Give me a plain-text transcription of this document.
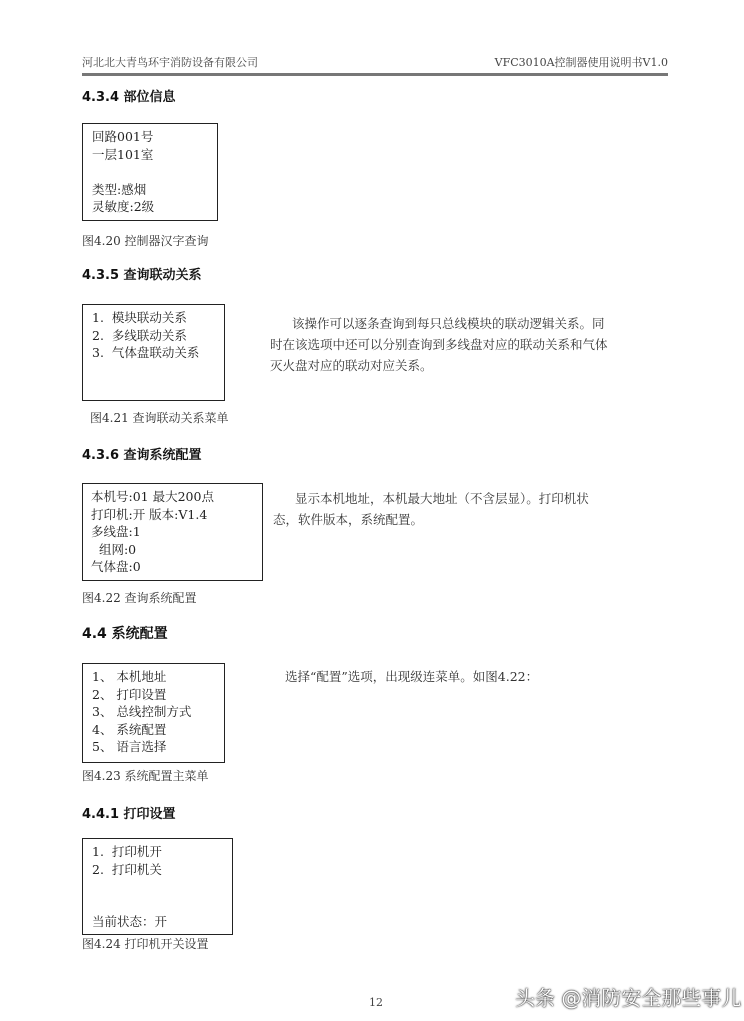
河北北大青鸟环宇消防设备有限公司	VFC3010A控制器使用说明书V1.0
4.3.4 部位信息
回路001号
一层101室

类型:感烟
灵敏度:2级
图4.20 控制器汉字查询
4.3.5 查询联动关系
1.  模块联动关系
2.  多线联动关系
3.  气体盘联动关系
该操作可以逐条查询到每只总线模块的联动逻辑关系。同
时在该选项中还可以分别查询到多线盘对应的联动关系和气体
灭火盘对应的联动对应关系。
图4.21 查询联动关系菜单
4.3.6 查询系统配置
本机号:01 最大200点
打印机:开 版本:V1.4
多线盘:1
组网:0
气体盘:0
显示本机地址，本机最大地址（不含层显）。打印机状
态，软件版本，系统配置。
图4.22 查询系统配置
4.4 系统配置
1、 本机地址
2、 打印设置
3、 总线控制方式
4、 系统配置
5、 语言选择
选择“配置”选项，出现级连菜单。如图4.22：
图4.23 系统配置主菜单
4.4.1 打印设置
1.  打印机开
2.  打印机关

当前状态：开
图4.24 打印机开关设置
12	头条 @消防安全那些事儿
